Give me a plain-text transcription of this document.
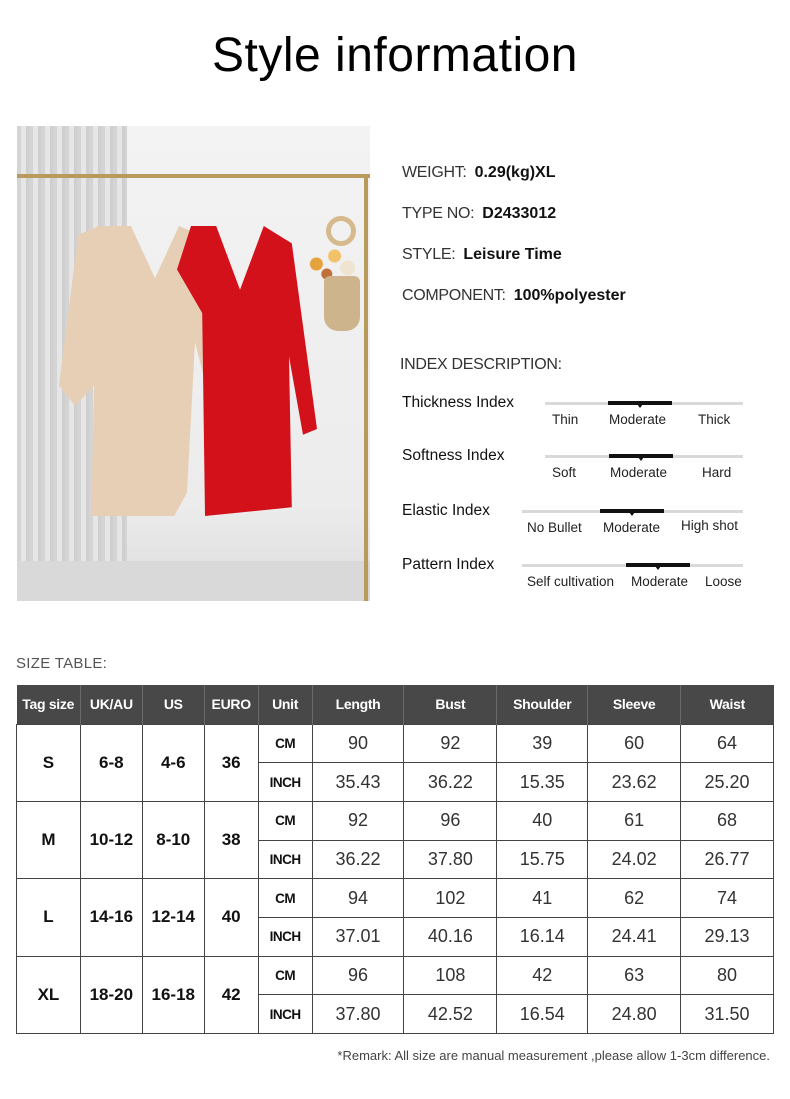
Style information
WEIGHT: 0.29(kg)XL
TYPE NO: D2433012
STYLE: Leisure Time
COMPONENT: 100%polyester
INDEX DESCRIPTION:
Thickness Index
Thin Moderate Thick
Softness Index
Soft	Moderate	Hard
Elastic Index
No Bullet Moderate High shot
Pattern Index
Self cultivation Moderate Loose
SIZE TABLE:
Tag size	UK/AU	US	EURO	Unit	Length	Bust	Shoulder	Sleeve	Waist
S	6-8	4-6	36	CM	90	92	39	60	64
				INCH	35.43	36.22	15.35	23.62	25.20
M	10-12	8-10	38	CM	92	96	40	61	68
				INCH	36.22	37.80	15.75	24.02	26.77
L	14-16	12-14	40	CM	94	102	41	62	74
				INCH	37.01	40.16	16.14	24.41	29.13
XL	18-20	16-18	42	CM	96	108	42	63	80
				INCH	37.80	42.52	16.54	24.80	31.50
*Remark: All size are manual measurement ,please allow 1-3cm difference.
